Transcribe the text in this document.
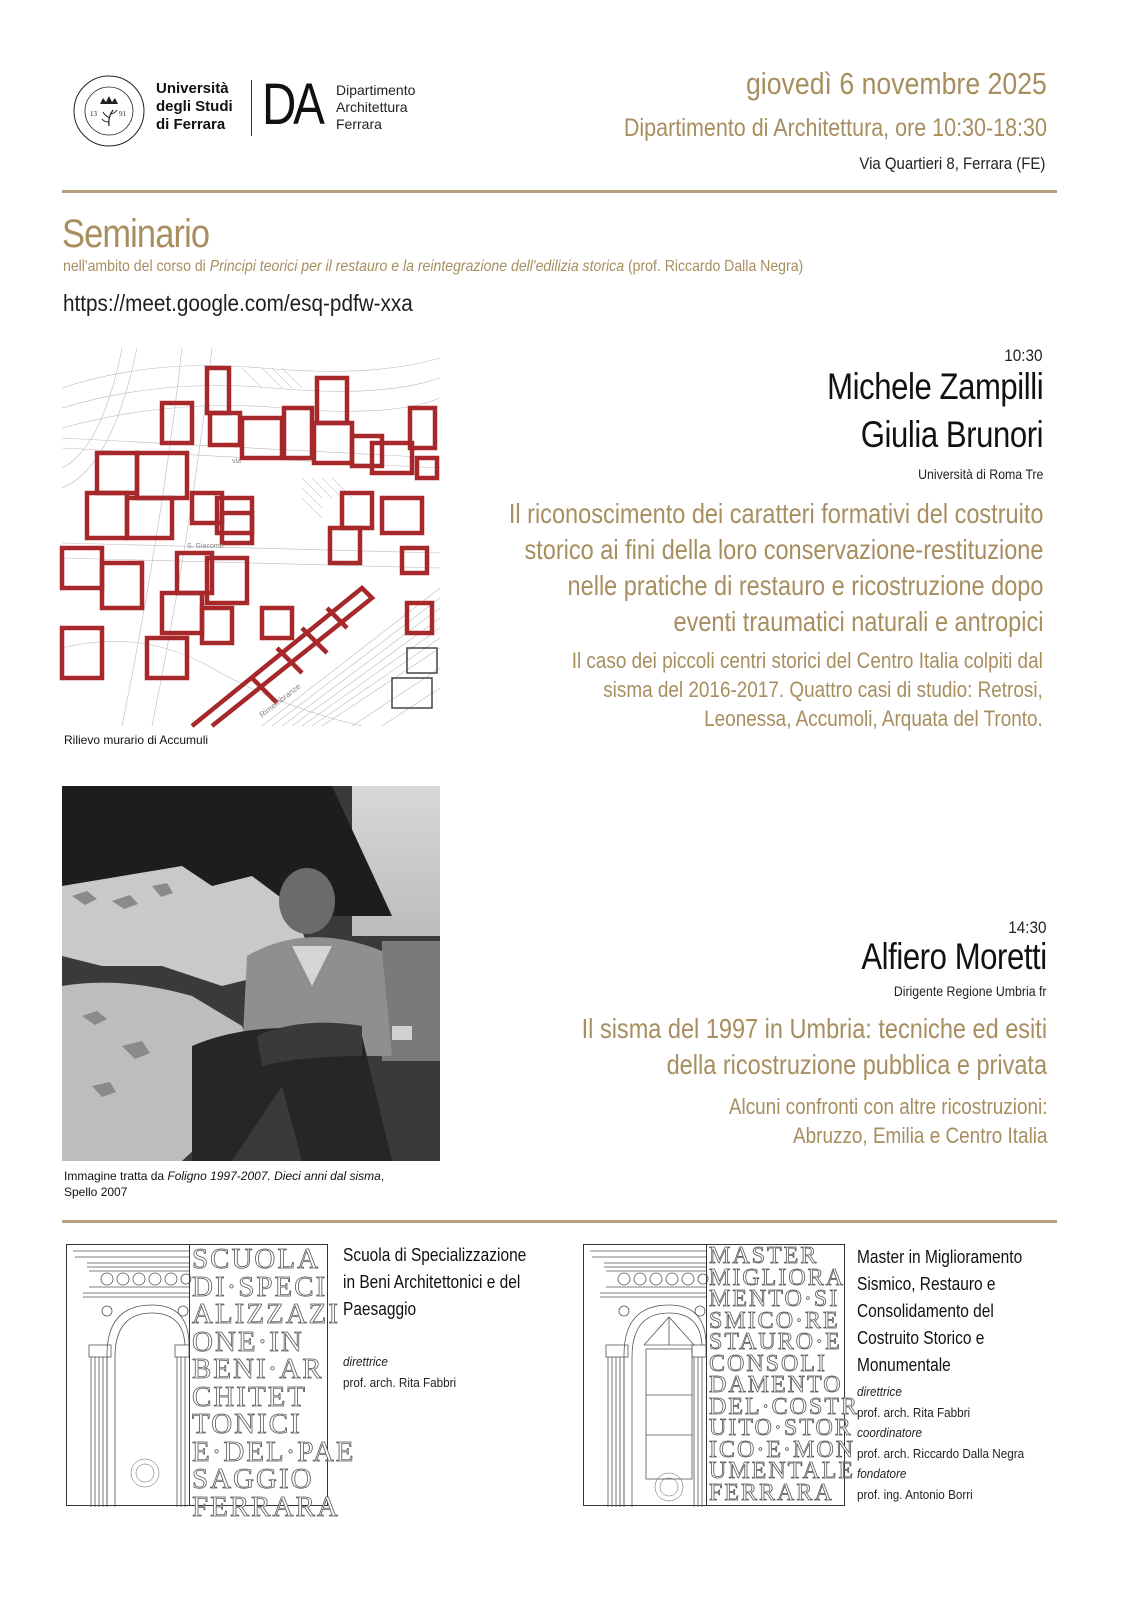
13	91
Università
degli Studi
di Ferrara DA Dipartimento
Architettura
Ferrara
giovedì 6 novembre 2025
Dipartimento di Architettura, ore 10:30-18:30
Via Quartieri 8, Ferrara (FE)
Seminario
nell'ambito del corso di Principi teorici per il restauro e la reintegrazione dell'edilizia storica (prof. Riccardo Dalla Negra)
https://meet.google.com/esq-pdfw-xxa
via
S. Giacomo
Rimembranze
Rilievo murario di Accumuli
10:30
Michele Zampilli
Giulia Brunori
Università di Roma Tre
Il riconoscimento dei caratteri formativi del costruito
storico ai fini della loro conservazione-restituzione
nelle pratiche di restauro e ricostruzione dopo
eventi traumatici naturali e antropici
Il caso dei piccoli centri storici del Centro Italia colpiti dal
sisma del 2016-2017. Quattro casi di studio: Retrosi,
Leonessa, Accumoli, Arquata del Tronto.
Immagine tratta da Foligno 1997-2007. Dieci anni dal sisma,
Spello 2007
14:30
Alfiero Moretti
Dirigente Regione Umbria fr
Il sisma del 1997 in Umbria: tecniche ed esiti
della ricostruzione pubblica e privata
Alcuni confronti con altre ricostruzioni:
Abruzzo, Emilia e Centro Italia
SCUOLA
DI·SPECI
ALIZZAZI
ONE·IN
BENI·AR
CHITET
TONICI
E·DEL·PAE
SAGGIO
FERRARA
Scuola di Specializzazione
in Beni Architettonici e del
Paesaggio
direttrice
prof. arch. Rita Fabbri
MASTER
MIGLIORA
MENTO·SI
SMICO·RE
STAURO·E
CONSOLI
DAMENTO
DEL·COSTR
UITO·STOR
ICO·E·MON
UMENTALE
FERRARA
Master in Miglioramento
Sismico, Restauro e
Consolidamento del
Costruito Storico e
Monumentale
direttrice
prof. arch. Rita Fabbri
coordinatore
prof. arch. Riccardo Dalla Negra
fondatore
prof. ing. Antonio Borri
